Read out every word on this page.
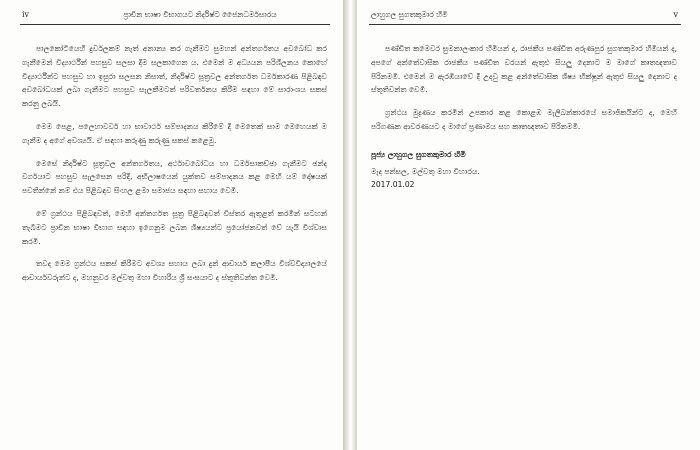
iv	ප්‍රාචීන භාෂා විභාගයට නිර්දිෂ්ට ජෛනධර්මසාරය

පාලකෝටියෙහි දුර්වලකම් නැත් අනාන්‍ය කර ගැනීමට සුමහන් අන්තර්ගතය අවබෝධ කර ගැනීමෙන් විද්‍යාර්ථීන් පහසුව සලසා දීම සලකාගෙන ය. එමෙන් ම අධ්‍යයන පරිශීලනය කොහේ විද්‍යාර්ථීන්ට පහසුව හා ඉසුරා සලසන නිසාත්, නිර්දිෂ්ට සූත්‍රවල අන්තර්ගත ධර්මකාරණ පිළිබඳව අවබෝධයක් ලබා ගැනීමට පහසුව සැලකීමටත් පරිවර්තනය කිරීම සඳහා මේ සාරාංශය සකස් කරනු ලබයි.

මෙම පෙළ, පලෙහාවර්ව හා භාවාර්ථ සම්පාදනය කිරීමේ දී මෙතෙක් සාම මෙහෙයක් ම ගැනීම ද අගේ අවශ්‍යයි. ඒ සඳහා කරුණු කරුණු සකස් කළෙමු.

මෙසේ නිර්දිෂ්ට සූත්‍රවල අන්තර්ගතය, අර්ථාවබෝධය හා ධර්මසාකච්ඡා ගැනීමට ඡන්ද වර්ගයාට පහසුව සැලසෙන පරිදි, අභිලාෂයෙන් යුක්තව සම්පාදනය කළ මෙහි යම් දෝෂයක් පවතින්නේ නම් එය පිළිබඳව සිංහල ළමා සමාජය සඳහා සහාය වෙමි.

මේ ග්‍රන්ථය පිළිබඳවත්, මෙහි අන්තර්ගත සූත්‍ර පිළිබඳවත් විස්තර ඇතුළත් කරමින් සටහන් තැබීමට ප්‍රාචීන භාෂා විභාග සඳහා ඉගෙනුම ලබන ශිෂ්‍යයන්ට ප්‍රයෝජනවත් වේ යැයි විශ්වාස කරමි.

තවද මෙම ග්‍රන්ථය සකස් කිරීමට අවශ්‍ය සහාය ලබා දුන් ආචාර්ය කලාපීය විශ්වවිද්‍යාලයේ ආචාර්යවරුන්ට ද, මහනුවර මල්වතු මහා විහාරීය ශ්‍රී සංඝයාට ද ස්තූතිවන්ත වෙමි.

ලාහුගල සුගතකුමාර හිමි	v

පණ්ඩිත කමෙවර සුමනාලංකාර හිමියන් ද, රාජකීය පණ්ඩිත අරුණපුර සුගතකුමාර හිමියන් ද, අපගේ අන්තේවාසික රාජකීය පණ්ඩිත වරයන් ඇතුළු සියලු දෙනාට ම මාගේ කෘතඥතාව පිරිනමමි. එමෙන් ම ඇරඹියාවේ දී උදවු කළ අන්තේවාසික ශිෂ්‍ය භික්ෂූන් ඇතුළු සියලු දෙනාට ද ස්තූතිවන්ත වෙමි.

ග්‍රන්ථය මුද්‍රණය කරමින් උපකාර කළ කොළඹ මැලිබන්කාරයේ සමාජිකයින්ට ද, මෙහි පරිගණක ආවරණයට ද මාගේ ප්‍රණාමය සහ කෘතඥතාව පිරිනමමි.

පූජ්‍ය ලාහුගල සුගතකුමාර හිමි
මැද පන්සල, මල්වතු මහා විහාරය.
2017.01.02
